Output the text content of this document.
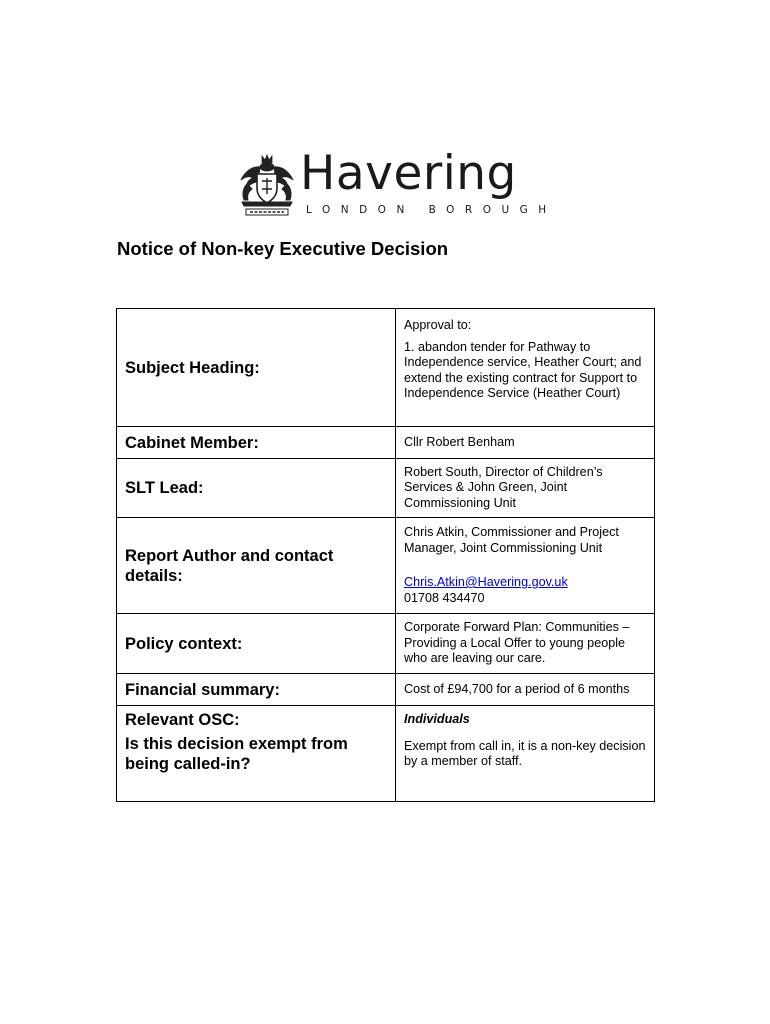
Havering
LONDON BOROUGH
Notice of Non-key Executive Decision
Subject Heading:	Approval to:

1. abandon tender for Pathway to Independence service, Heather Court; and extend the existing contract for Support to Independence Service (Heather Court)

Cabinet Member:	Cllr Robert Benham
SLT Lead:	Robert South, Director of Children’s Services & John Green, Joint Commissioning Unit
Report Author and contact details:	Chris Atkin, Commissioner and Project Manager, Joint Commissioning Unit

Chris.Atkin@Havering.gov.uk

01708 434470

Policy context:	Corporate Forward Plan: Communities – Providing a Local Offer to young people who are leaving our care.
Financial summary:	Cost of £94,700 for a period of 6 months
Relevant OSC:	Individuals
Is this decision exempt from being called-in?	Exempt from call in, it is a non-key decision by a member of staff.
